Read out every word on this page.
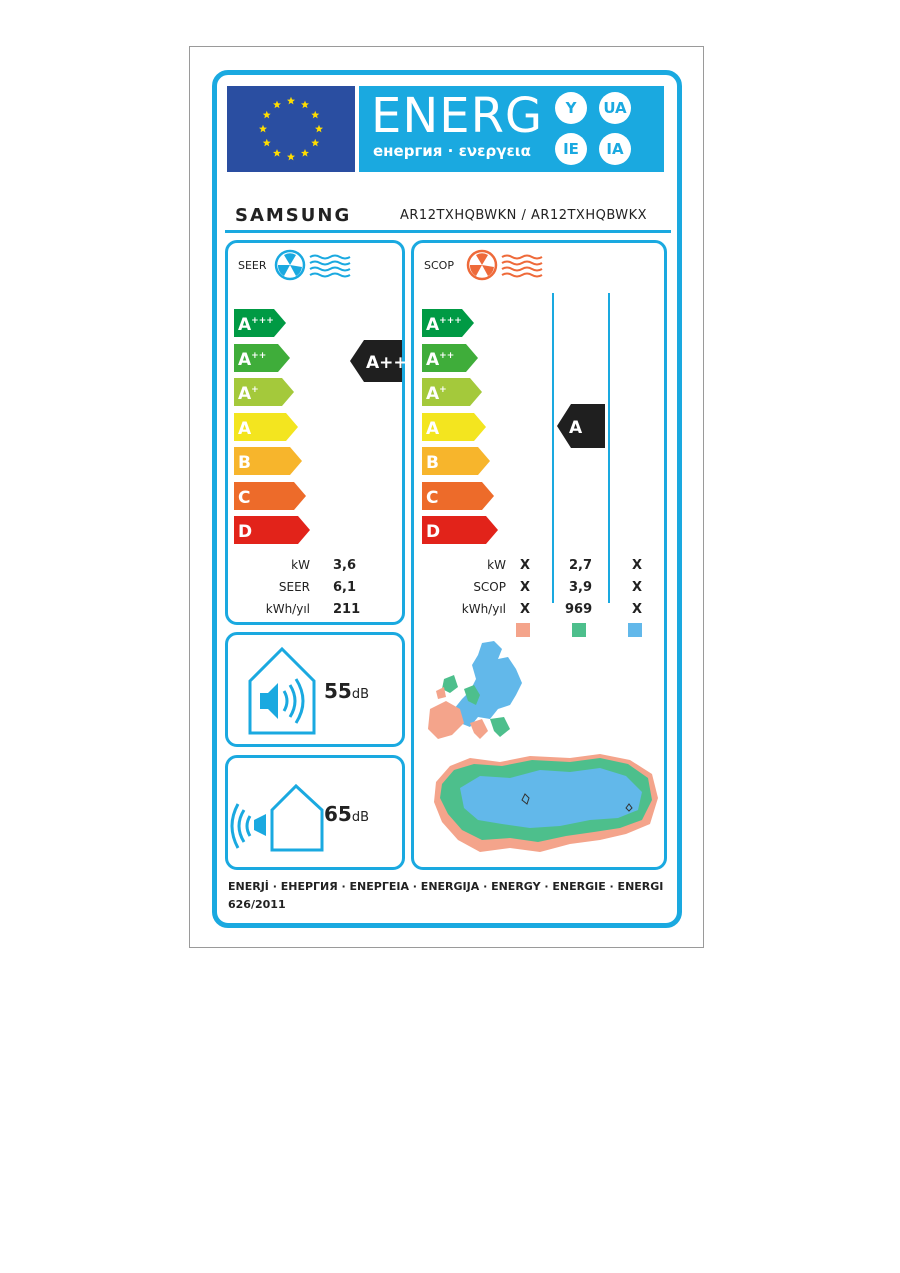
ENERG
енергия · ενεργεια
Y	UA
IE	IA
SAMSUNG	AR12TXHQBWKN / AR12TXHQBWKX
SEER
A+++
A++
A+
A
B
C
D
A++
kW 3,6
SEER 6,1
kWh/yıl 211
SCOP
A+++
A++
A+
A
B
C
D
A
kW X	2,7	X
SCOP X	3,9	X
kWh/yıl X	969	X
55dB
65dB
ENERJİ · ЕНЕРГИЯ · ΕΝΕΡΓΕΙΑ · ENERGIJA · ENERGY · ENERGIE · ENERGI
626/2011
